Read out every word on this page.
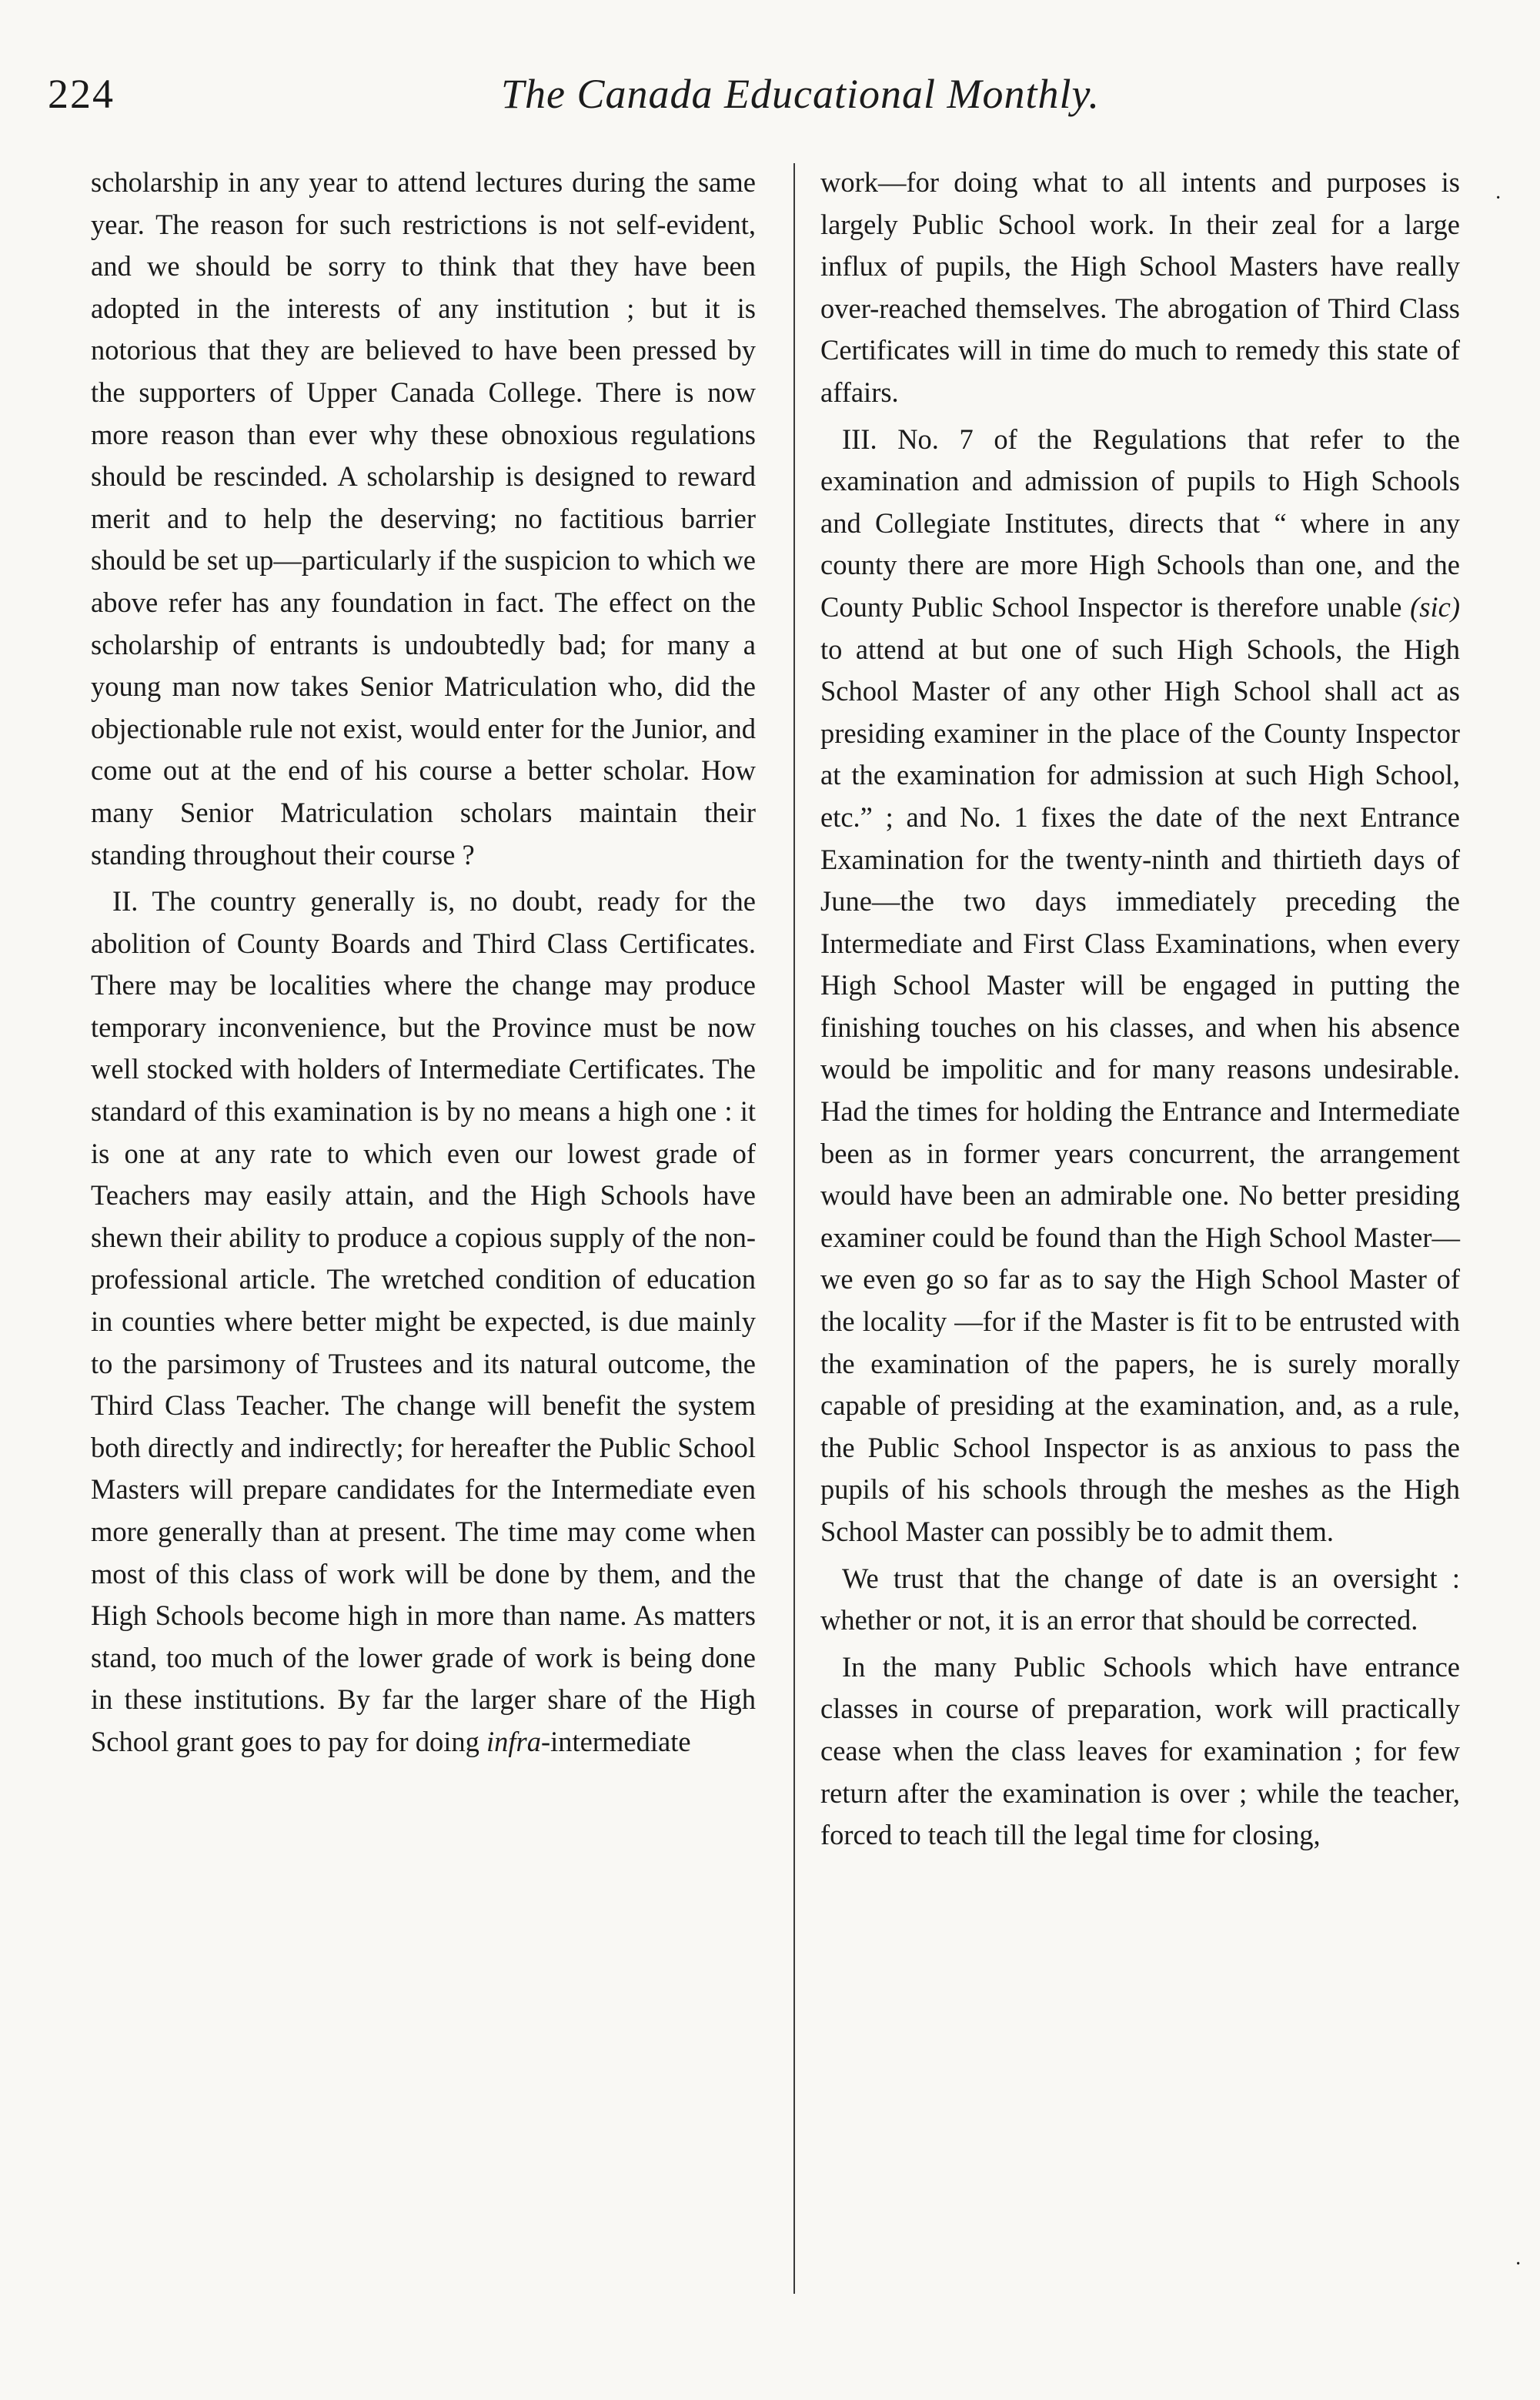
224	The Canada Educational Monthly.

scholarship in any year to attend lectures during the same year. The reason for such restrictions is not self-evident, and we should be sorry to think that they have been adopted in the interests of any institution ; but it is notorious that they are believed to have been pressed by the supporters of Upper Canada College. There is now more reason than ever why these obnoxious regulations should be rescinded. A scholarship is designed to reward merit and to help the deserving; no factitious barrier should be set up—particularly if the suspicion to which we above refer has any foundation in fact. The effect on the scholarship of entrants is undoubtedly bad; for many a young man now takes Senior Matriculation who, did the objectionable rule not exist, would enter for the Junior, and come out at the end of his course a better scholar. How many Senior Matriculation scholars maintain their standing throughout their course ?

II. The country generally is, no doubt, ready for the abolition of County Boards and Third Class Certificates. There may be localities where the change may produce temporary inconvenience, but the Province must be now well stocked with holders of Intermediate Certificates. The standard of this examination is by no means a high one : it is one at any rate to which even our lowest grade of Teachers may easily attain, and the High Schools have shewn their ability to produce a copious supply of the non-professional article. The wretched condition of education in counties where better might be expected, is due mainly to the parsimony of Trustees and its natural outcome, the Third Class Teacher. The change will benefit the system both directly and indirectly; for hereafter the Public School Masters will prepare candidates for the Intermediate even more generally than at present. The time may come when most of this class of work will be done by them, and the High Schools become high in more than name. As matters stand, too much of the lower grade of work is being done in these institutions. By far the larger share of the High School grant goes to pay for doing infra-intermediate

work—for doing what to all intents and purposes is largely Public School work. In their zeal for a large influx of pupils, the High School Masters have really over-reached themselves. The abrogation of Third Class Certificates will in time do much to remedy this state of affairs.

III. No. 7 of the Regulations that refer to the examination and admission of pupils to High Schools and Collegiate Institutes, directs that “ where in any county there are more High Schools than one, and the County Public School Inspector is therefore unable (sic) to attend at but one of such High Schools, the High School Master of any other High School shall act as presiding examiner in the place of the County Inspector at the examination for admission at such High School, etc.” ; and No. 1 fixes the date of the next Entrance Examination for the twenty-ninth and thirtieth days of June—the two days immediately preceding the Intermediate and First Class Examinations, when every High School Master will be engaged in putting the finishing touches on his classes, and when his absence would be impolitic and for many reasons undesirable. Had the times for holding the Entrance and Intermediate been as in former years concurrent, the arrangement would have been an admirable one. No better presiding examiner could be found than the High School Master—we even go so far as to say the High School Master of the locality —for if the Master is fit to be entrusted with the examination of the papers, he is surely morally capable of presiding at the examination, and, as a rule, the Public School Inspector is as anxious to pass the pupils of his schools through the meshes as the High School Master can possibly be to admit them.

We trust that the change of date is an oversight : whether or not, it is an error that should be corrected.

In the many Public Schools which have entrance classes in course of preparation, work will practically cease when the class leaves for examination ; for few return after the examination is over ; while the teacher, forced to teach till the legal time for closing,

·
·
